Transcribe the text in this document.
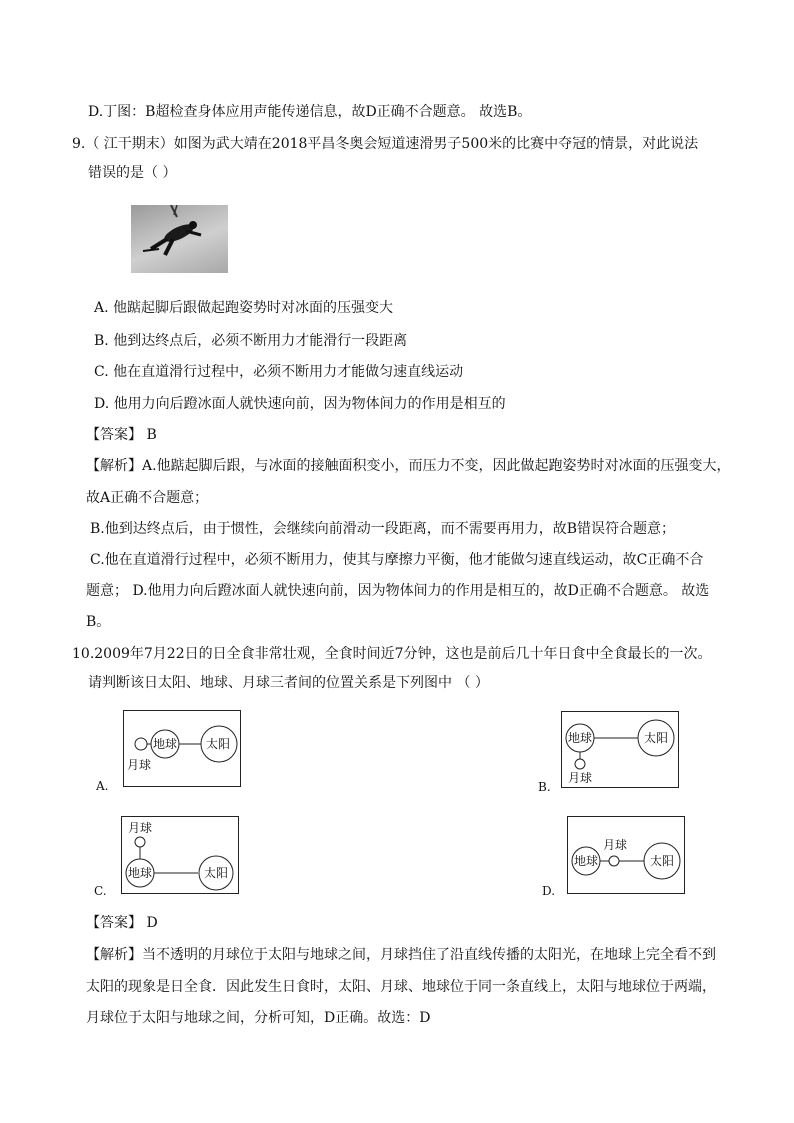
D.丁图：B超检查身体应用声能传递信息，故D正确不合题意。 故选B。
9.（ 江干期末）如图为武大靖在2018平昌冬奥会短道速滑男子500米的比赛中夺冠的情景，对此说法
错误的是（ ）
A. 他踮起脚后跟做起跑姿势时对冰面的压强变大
B. 他到达终点后，必须不断用力才能滑行一段距离
C. 他在直道滑行过程中，必须不断用力才能做匀速直线运动
D. 他用力向后蹬冰面人就快速向前，因为物体间力的作用是相互的
【答案】 B
【解析】A.他踮起脚后跟，与冰面的接触面积变小，而压力不变，因此做起跑姿势时对冰面的压强变大，
故A正确不合题意；
B.他到达终点后，由于惯性，会继续向前滑动一段距离，而不需要再用力，故B错误符合题意；
C.他在直道滑行过程中，必须不断用力，使其与摩擦力平衡，他才能做匀速直线运动，故C正确不合
题意； D.他用力向后蹬冰面人就快速向前，因为物体间力的作用是相互的，故D正确不合题意。 故选
B。
10.2009年7月22日的日全食非常壮观，全食时间近7分钟，这也是前后几十年日食中全食最长的一次。
请判断该日太阳、地球、月球三者间的位置关系是下列图中 （ ）
地球 太阳
月球
A.
地球	太阳
月球
B.
月球
地球	太阳
C.
月球
地球	太阳
D.
【答案】 D
【解析】当不透明的月球位于太阳与地球之间，月球挡住了沿直线传播的太阳光，在地球上完全看不到
太阳的现象是日全食．因此发生日食时，太阳、月球、地球位于同一条直线上，太阳与地球位于两端，
月球位于太阳与地球之间，分析可知，D正确。故选：D
